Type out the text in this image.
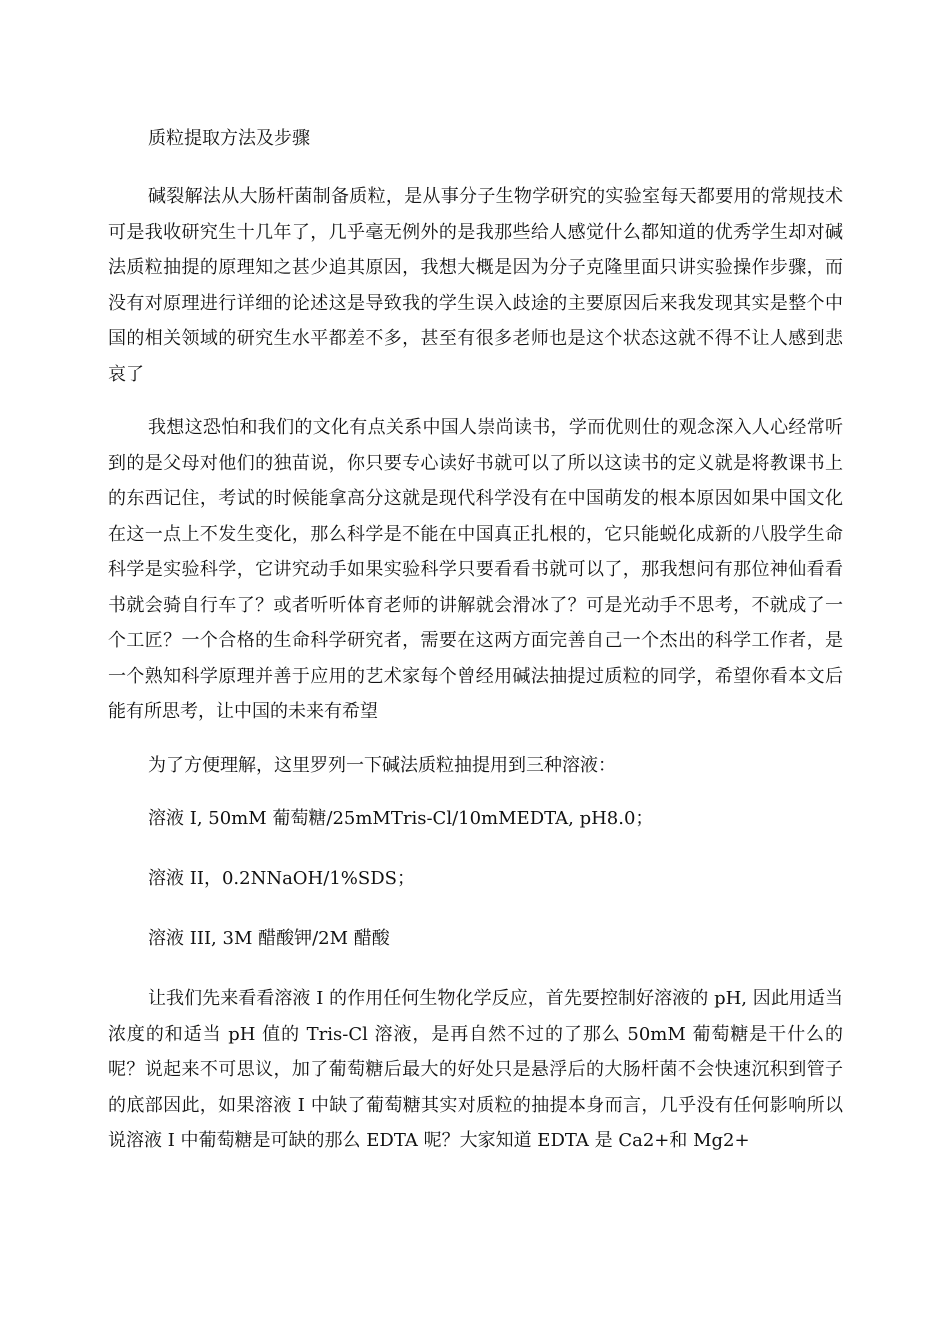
质粒提取方法及步骤

碱裂解法从大肠杆菌制备质粒，是从事分子生物学研究的实验室每天都要用的常规技术可是我收研究生十几年了，几乎毫无例外的是我那些给人感觉什么都知道的优秀学生却对碱法质粒抽提的原理知之甚少追其原因，我想大概是因为分子克隆里面只讲实验操作步骤，而没有对原理进行详细的论述这是导致我的学生误入歧途的主要原因后来我发现其实是整个中国的相关领域的研究生水平都差不多，甚至有很多老师也是这个状态这就不得不让人感到悲哀了

我想这恐怕和我们的文化有点关系中国人崇尚读书，学而优则仕的观念深入人心经常听到的是父母对他们的独苗说，你只要专心读好书就可以了所以这读书的定义就是将教课书上的东西记住，考试的时候能拿高分这就是现代科学没有在中国萌发的根本原因如果中国文化在这一点上不发生变化，那么科学是不能在中国真正扎根的，它只能蜕化成新的八股学生命科学是实验科学，它讲究动手如果实验科学只要看看书就可以了，那我想问有那位神仙看看书就会骑自行车了？或者听听体育老师的讲解就会滑冰了？可是光动手不思考，不就成了一个工匠？一个合格的生命科学研究者，需要在这两方面完善自己一个杰出的科学工作者，是一个熟知科学原理并善于应用的艺术家每个曾经用碱法抽提过质粒的同学，希望你看本文后能有所思考，让中国的未来有希望

为了方便理解，这里罗列一下碱法质粒抽提用到三种溶液：

溶液 I, 50mM 葡萄糖/25mMTris-Cl/10mMEDTA, pH8.0；

溶液 II，0.2NNaOH/1%SDS；

溶液 III, 3M 醋酸钾/2M 醋酸

让我们先来看看溶液 I 的作用任何生物化学反应，首先要控制好溶液的 pH, 因此用适当浓度的和适当 pH 值的 Tris-Cl 溶液，是再自然不过的了那么 50mM 葡萄糖是干什么的呢？说起来不可思议，加了葡萄糖后最大的好处只是悬浮后的大肠杆菌不会快速沉积到管子的底部因此，如果溶液 I 中缺了葡萄糖其实对质粒的抽提本身而言，几乎没有任何影响所以说溶液 I 中葡萄糖是可缺的那么 EDTA 呢？大家知道 EDTA 是 Ca2+和 Mg2+
